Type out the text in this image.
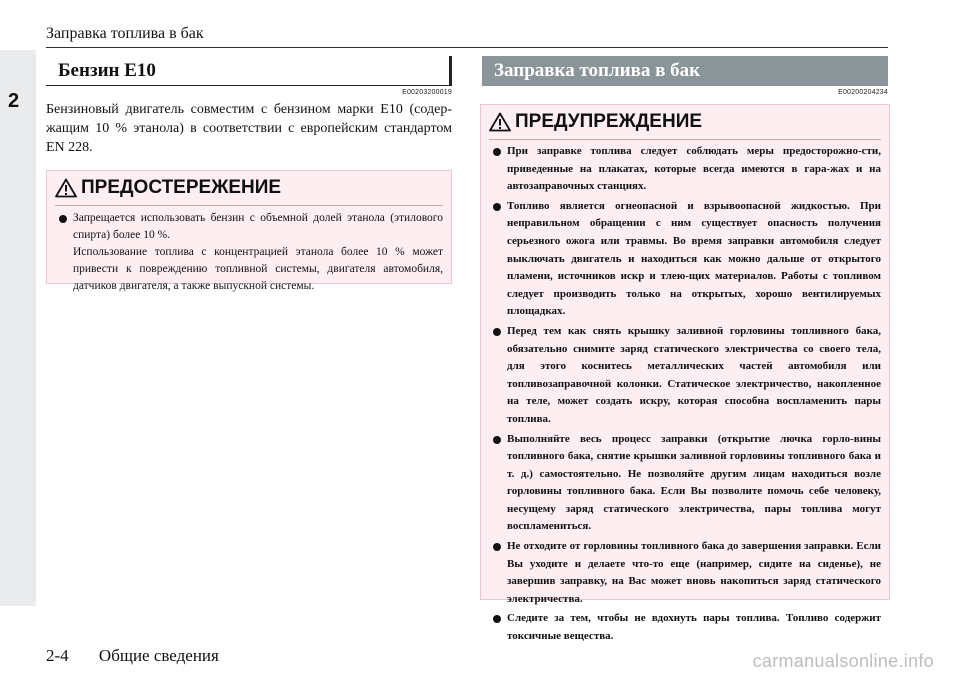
2
Заправка топлива в бак
Бензин E10
E00203200019
Бензиновый двигатель совместим с бензином марки E10 (содер-жащим 10 % этанола) в соответствии с европейским стандартом EN 228.
ПРЕДОСТЕРЕЖЕНИЕ
Запрещается использовать бензин с объемной долей этанола (этилового спирта) более 10 %.
Использование топлива с концентрацией этанола более 10 % может привести к повреждению топливной системы, двигателя автомобиля, датчиков двигателя, а также выпускной системы.
Заправка топлива в бак
E00200204234
ПРЕДУПРЕЖДЕНИЕ
При заправке топлива следует соблюдать меры предосторожно-сти, приведенные на плакатах, которые всегда имеются в гара-жах и на автозаправочных станциях.
Топливо является огнеопасной и взрывоопасной жидкостью. При неправильном обращении с ним существует опасность получения серьезного ожога или травмы. Во время заправки автомобиля следует выключать двигатель и находиться как можно дальше от открытого пламени, источников искр и тлею-щих материалов. Работы с топливом следует производить только на открытых, хорошо вентилируемых площадках.
Перед тем как снять крышку заливной горловины топливного бака, обязательно снимите заряд статического электричества со своего тела, для этого коснитесь металлических частей автомобиля или топливозаправочной колонки. Статическое электричество, накопленное на теле, может создать искру, которая способна воспламенить пары топлива.
Выполняйте весь процесс заправки (открытие лючка горло-вины топливного бака, снятие крышки заливной горловины топливного бака и т. д.) самостоятельно. Не позволяйте другим лицам находиться возле горловины топливного бака. Если Вы позволите помочь себе человеку, несущему заряд статического электричества, пары топлива могут воспламениться.
Не отходите от горловины топливного бака до завершения заправки. Если Вы уходите и делаете что-то еще (например, сидите на сиденье), не завершив заправку, на Вас может вновь накопиться заряд статического электричества.
Следите за тем, чтобы не вдохнуть пары топлива. Топливо содержит токсичные вещества.
2-4 Общие сведения	carmanualsonline.info
